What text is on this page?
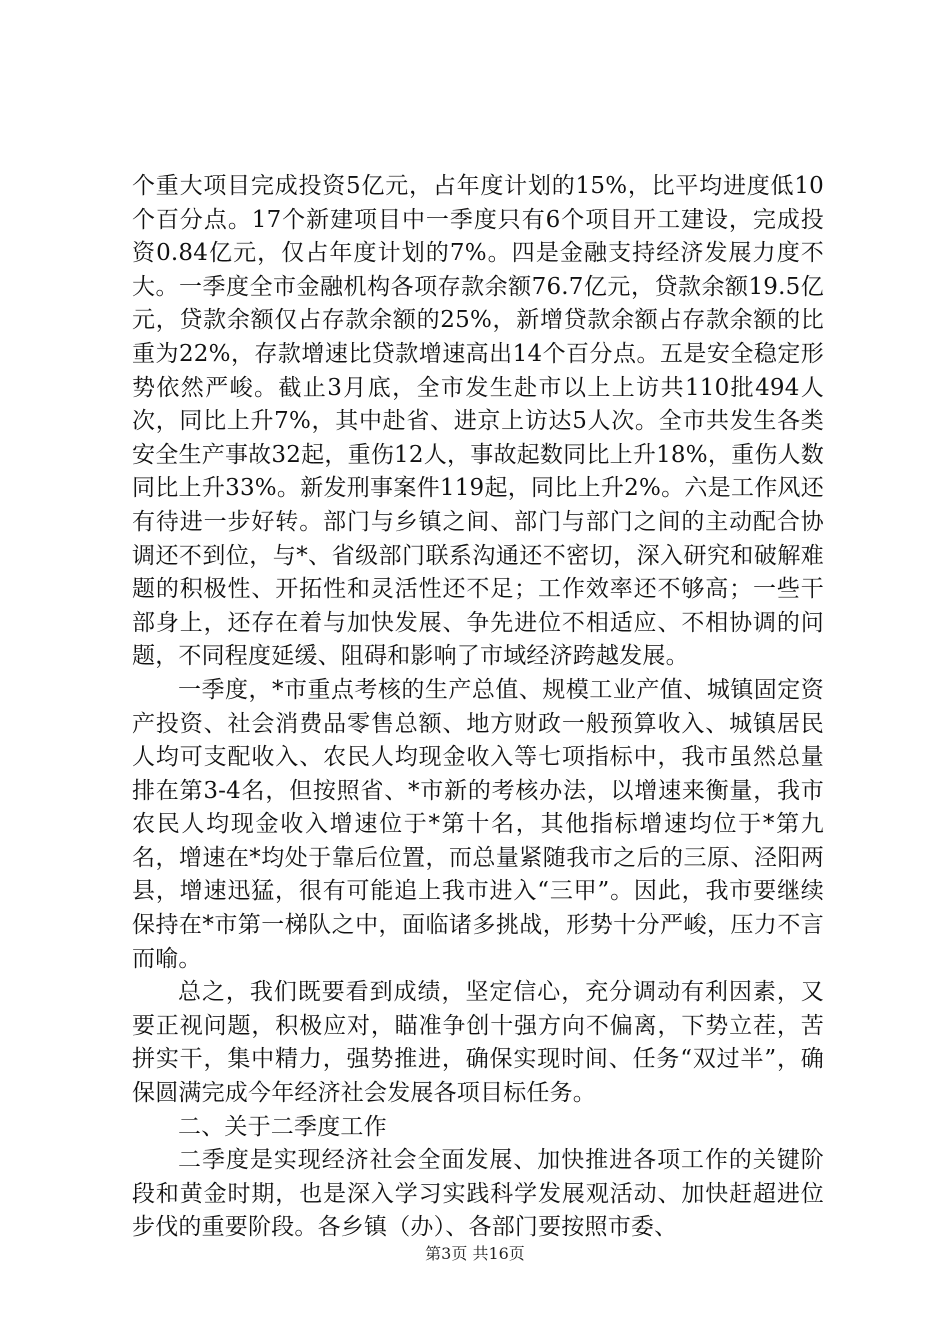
个重大项目完成投资5亿元，占年度计划的15%，比平均进度低10个百分点。17个新建项目中一季度只有6个项目开工建设，完成投资0.84亿元，仅占年度计划的7%。四是金融支持经济发展力度不大。一季度全市金融机构各项存款余额76.7亿元，贷款余额19.5亿元，贷款余额仅占存款余额的25%，新增贷款余额占存款余额的比重为22%，存款增速比贷款增速高出14个百分点。五是安全稳定形势依然严峻。截止3月底，全市发生赴市以上上访共110批494人次，同比上升7%，其中赴省、进京上访达5人次。全市共发生各类安全生产事故32起，重伤12人，事故起数同比上升18%，重伤人数同比上升33%。新发刑事案件119起，同比上升2%。六是工作风还有待进一步好转。部门与乡镇之间、部门与部门之间的主动配合协调还不到位，与*、省级部门联系沟通还不密切，深入研究和破解难题的积极性、开拓性和灵活性还不足；工作效率还不够高；一些干部身上，还存在着与加快发展、争先进位不相适应、不相协调的问题，不同程度延缓、阻碍和影响了市域经济跨越发展。

一季度，*市重点考核的生产总值、规模工业产值、城镇固定资产投资、社会消费品零售总额、地方财政一般预算收入、城镇居民人均可支配收入、农民人均现金收入等七项指标中，我市虽然总量排在第3-4名，但按照省、*市新的考核办法，以增速来衡量，我市农民人均现金收入增速位于*第十名，其他指标增速均位于*第九名，增速在*均处于靠后位置，而总量紧随我市之后的三原、泾阳两县，增速迅猛，很有可能追上我市进入“三甲”。因此，我市要继续保持在*市第一梯队之中，面临诸多挑战，形势十分严峻，压力不言而喻。

总之，我们既要看到成绩，坚定信心，充分调动有利因素，又要正视问题，积极应对，瞄准争创十强方向不偏离，下势立茬，苦拼实干，集中精力，强势推进，确保实现时间、任务“双过半”，确保圆满完成今年经济社会发展各项目标任务。

二、关于二季度工作

二季度是实现经济社会全面发展、加快推进各项工作的关键阶段和黄金时期，也是深入学习实践科学发展观活动、加快赶超进位步伐的重要阶段。各乡镇（办）、各部门要按照市委、

第3页 共16页
